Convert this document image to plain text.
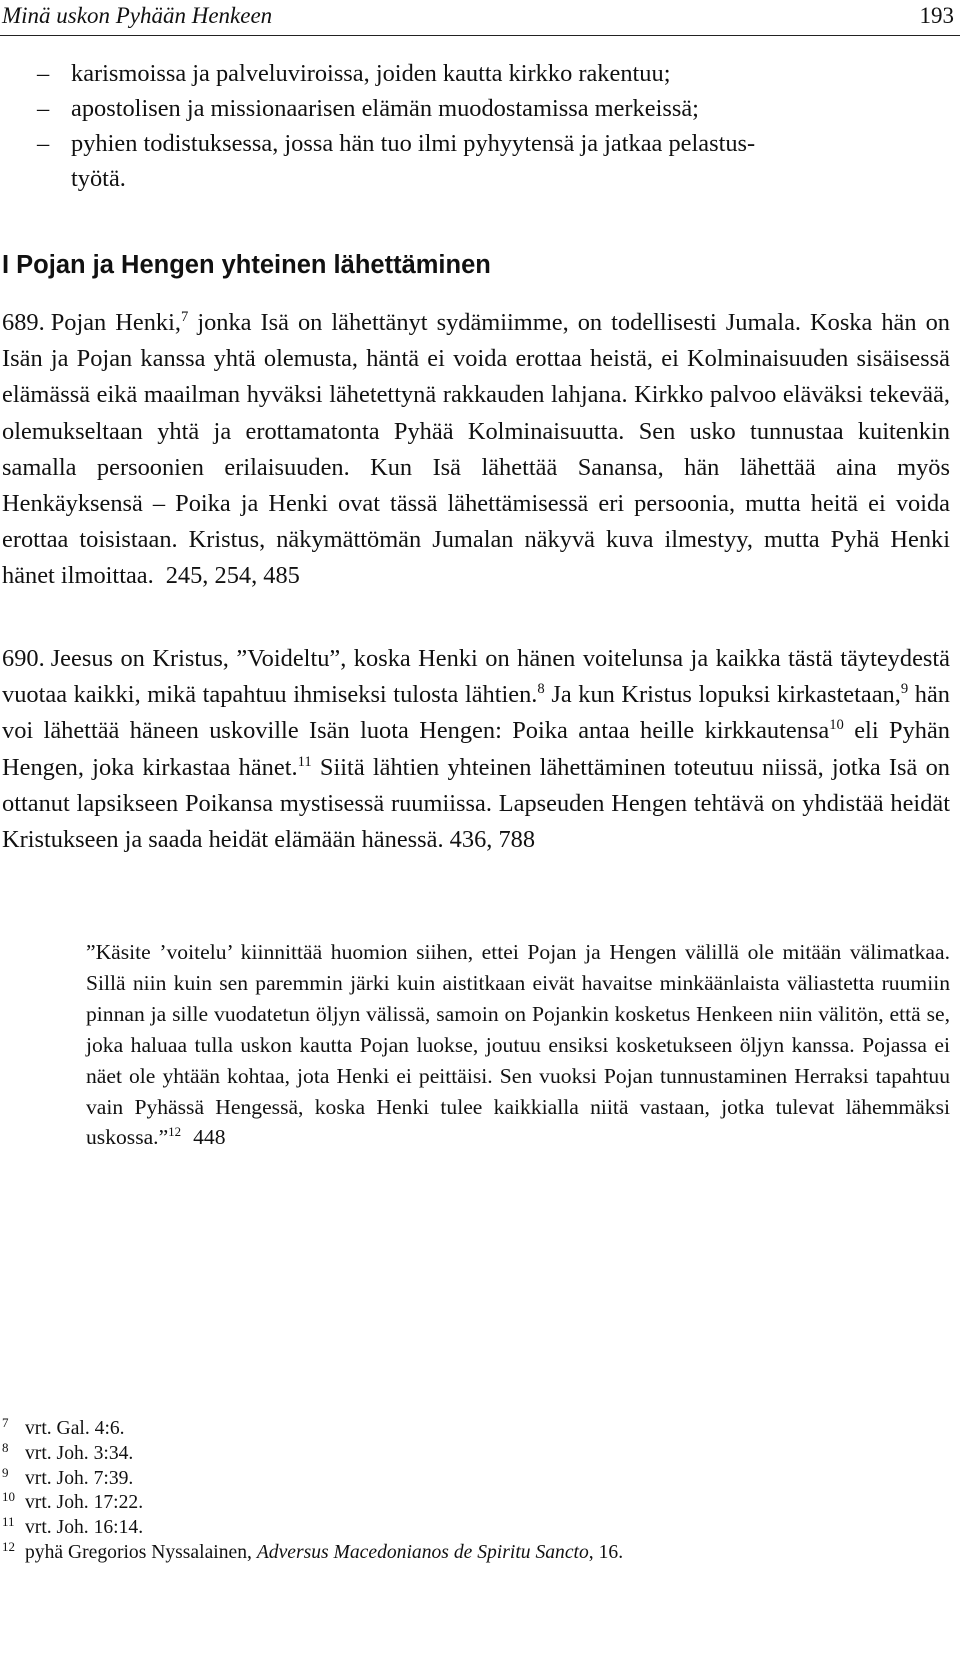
Minä uskon Pyhään Henkeen	193
– karismoissa ja palveluviroissa, joiden kautta kirkko rakentuu;
– apostolisen ja missionaarisen elämän muodostamissa merkeissä;
– pyhien todistuksessa, jossa hän tuo ilmi pyhyytensä ja jatkaa pelastus-
työtä.
I Pojan ja Hengen yhteinen lähettäminen

689. Pojan Henki,$^7$ jonka Isä on lähettänyt sydämiimme, on todellisesti Jumala. Koska hän on Isän ja Pojan kanssa yhtä olemusta, häntä ei voida erottaa heistä, ei Kolminaisuuden sisäisessä elämässä eikä maailman hyväksi lähetettynä rakkauden lahjana. Kirkko palvoo eläväksi tekevää, olemukseltaan yhtä ja erottamatonta Pyhää Kolminaisuutta. Sen usko tunnustaa kuitenkin samalla persoonien erilaisuuden. Kun Isä lähettää Sanansa, hän lähettää aina myös Henkäyksensä – Poika ja Henki ovat tässä lähettämisessä eri persoonia, mutta heitä ei voida erottaa toisistaan. Kristus, näkymättömän Jumalan näkyvä kuva ilmestyy, mutta Pyhä Henki hänet ilmoittaa. 245, 254, 485

690. Jeesus on Kristus, ”Voideltu”, koska Henki on hänen voitelunsa ja kaikka tästä täyteydestä vuotaa kaikki, mikä tapahtuu ihmiseksi tulosta lähtien.$^8$ Ja kun Kristus lopuksi kirkastetaan,$^9$ hän voi lähettää häneen uskoville Isän luota Hengen: Poika antaa heille kirkkautensa$^{10}$ eli Pyhän Hengen, joka kirkastaa hänet.$^{11}$ Siitä lähtien yhteinen lähettäminen toteutuu niissä, jotka Isä on ottanut lapsikseen Poikansa mystisessä ruumiissa. Lapseuden Hengen tehtävä on yhdistää heidät Kristukseen ja saada heidät elämään hänessä. 436, 788

”Käsite ’voitelu’ kiinnittää huomion siihen, ettei Pojan ja Hengen välillä ole mitään välimatkaa. Sillä niin kuin sen paremmin järki kuin aistitkaan eivät havaitse minkäänlaista väliastetta ruumiin pinnan ja sille vuodatetun öljyn välissä, samoin on Pojankin kosketus Henkeen niin välitön, että se, joka haluaa tulla uskon kautta Pojan luokse, joutuu ensiksi kosketukseen öljyn kanssa. Pojassa ei näet ole yhtään kohtaa, jota Henki ei peittäisi. Sen vuoksi Pojan tunnustaminen Herraksi tapahtuu vain Pyhässä Hengessä, koska Henki tulee kaikkialla niitä vastaan, jotka tulevat lähemmäksi uskossa.”$^{12}$ 448

7 vrt. Gal. 4:6.
8 vrt. Joh. 3:34.
9 vrt. Joh. 7:39.
10 vrt. Joh. 17:22.
11 vrt. Joh. 16:14.
12 pyhä Gregorios Nyssalainen, Adversus Macedonianos de Spiritu Sancto, 16.
